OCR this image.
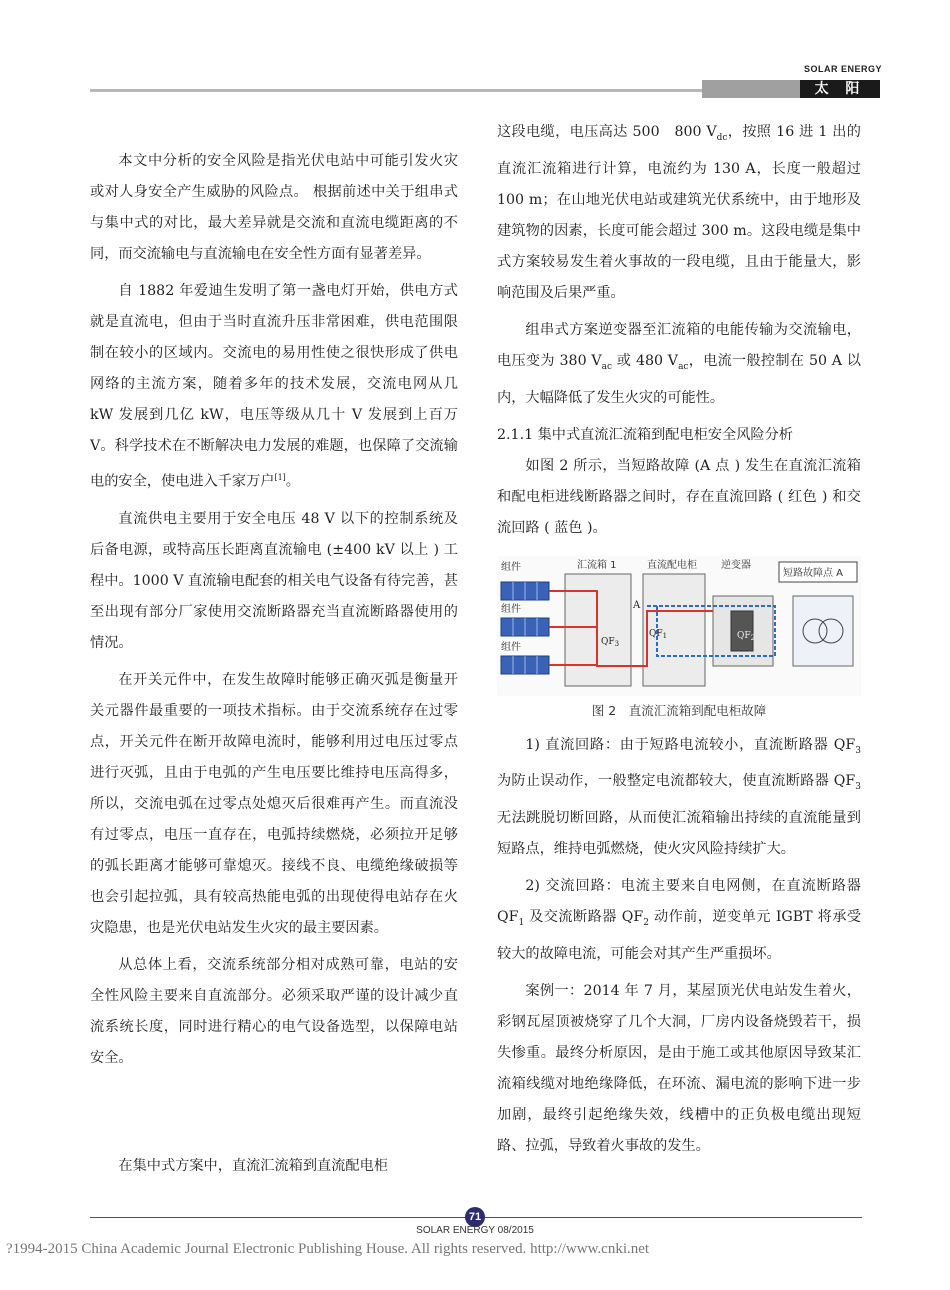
SOLAR ENERGY
太 阳 能

本文中分析的安全风险是指光伏电站中可能引发火灾或对人身安全产生威胁的风险点。 根据前述中关于组串式与集中式的对比，最大差异就是交流和直流电缆距离的不同，而交流输电与直流输电在安全性方面有显著差异。

自 1882 年爱迪生发明了第一盏电灯开始，供电方式就是直流电，但由于当时直流升压非常困难，供电范围限制在较小的区域内。交流电的易用性使之很快形成了供电网络的主流方案，随着多年的技术发展，交流电网从几 kW 发展到几亿 kW，电压等级从几十 V 发展到上百万 V。科学技术在不断解决电力发展的难题，也保障了交流输电的安全，使电进入千家万户[1]。

直流供电主要用于安全电压 48 V 以下的控制系统及后备电源，或特高压长距离直流输电 (±400 kV 以上 ) 工程中。1000 V 直流输电配套的相关电气设备有待完善，甚至出现有部分厂家使用交流断路器充当直流断路器使用的情况。

在开关元件中，在发生故障时能够正确灭弧是衡量开关元器件最重要的一项技术指标。由于交流系统存在过零点，开关元件在断开故障电流时，能够利用过电压过零点进行灭弧，且由于电弧的产生电压要比维持电压高得多，所以，交流电弧在过零点处熄灭后很难再产生。而直流没有过零点，电压一直存在，电弧持续燃烧，必须拉开足够的弧长距离才能够可靠熄灭。接线不良、电缆绝缘破损等也会引起拉弧，具有较高热能电弧的出现使得电站存在火灾隐患，也是光伏电站发生火灾的最主要因素。

从总体上看，交流系统部分相对成熟可靠，电站的安全性风险主要来自直流部分。必须采取严谨的设计减少直流系统长度，同时进行精心的电气设备选型，以保障电站安全。

在集中式方案中，直流汇流箱到直流配电柜

这段电缆，电压高达 500　800 $V_{dc}$，按照 16 进 1 出的直流汇流箱进行计算，电流约为 130 A，长度一般超过 100 m；在山地光伏电站或建筑光伏系统中，由于地形及建筑物的因素，长度可能会超过 300 m。这段电缆是集中式方案较易发生着火事故的一段电缆，且由于能量大，影响范围及后果严重。

组串式方案逆变器至汇流箱的电能传输为交流输电，电压变为 380 $V_{ac}$ 或 480 $V_{ac}$，电流一般控制在 50 A 以内，大幅降低了发生火灾的可能性。

2.1.1 集中式直流汇流箱到配电柜安全风险分析

如图 2 所示，当短路故障 (A 点 ) 发生在直流汇流箱和配电柜进线断路器之间时，存在直流回路 ( 红色 ) 和交流回路 ( 蓝色 )。

组件
组件
组件
汇流箱 1	直流配电柜 逆变器
短路故障点 A
A
$QF_3$
$QF_1$	$QF_2$
图 2　直流汇流箱到配电柜故障

1) 直流回路：由于短路电流较小，直流断路器 $QF_3$ 为防止误动作，一般整定电流都较大，使直流断路器 $QF_3$ 无法跳脱切断回路，从而使汇流箱输出持续的直流能量到短路点，维持电弧燃烧，使火灾风险持续扩大。

2) 交流回路：电流主要来自电网侧，在直流断路器 $QF_1$ 及交流断路器 $QF_2$ 动作前，逆变单元 IGBT 将承受较大的故障电流，可能会对其产生严重损坏。

案例一：2014 年 7 月，某屋顶光伏电站发生着火，彩钢瓦屋顶被烧穿了几个大洞，厂房内设备烧毁若干，损失惨重。最终分析原因，是由于施工或其他原因导致某汇流箱线缆对地绝缘降低，在环流、漏电流的影响下进一步加剧，最终引起绝缘失效，线槽中的正负极电缆出现短路、拉弧，导致着火事故的发生。

71
SOLAR ENERGY 08/2015
?1994-2015 China Academic Journal Electronic Publishing House. All rights reserved. http://www.cnki.net
